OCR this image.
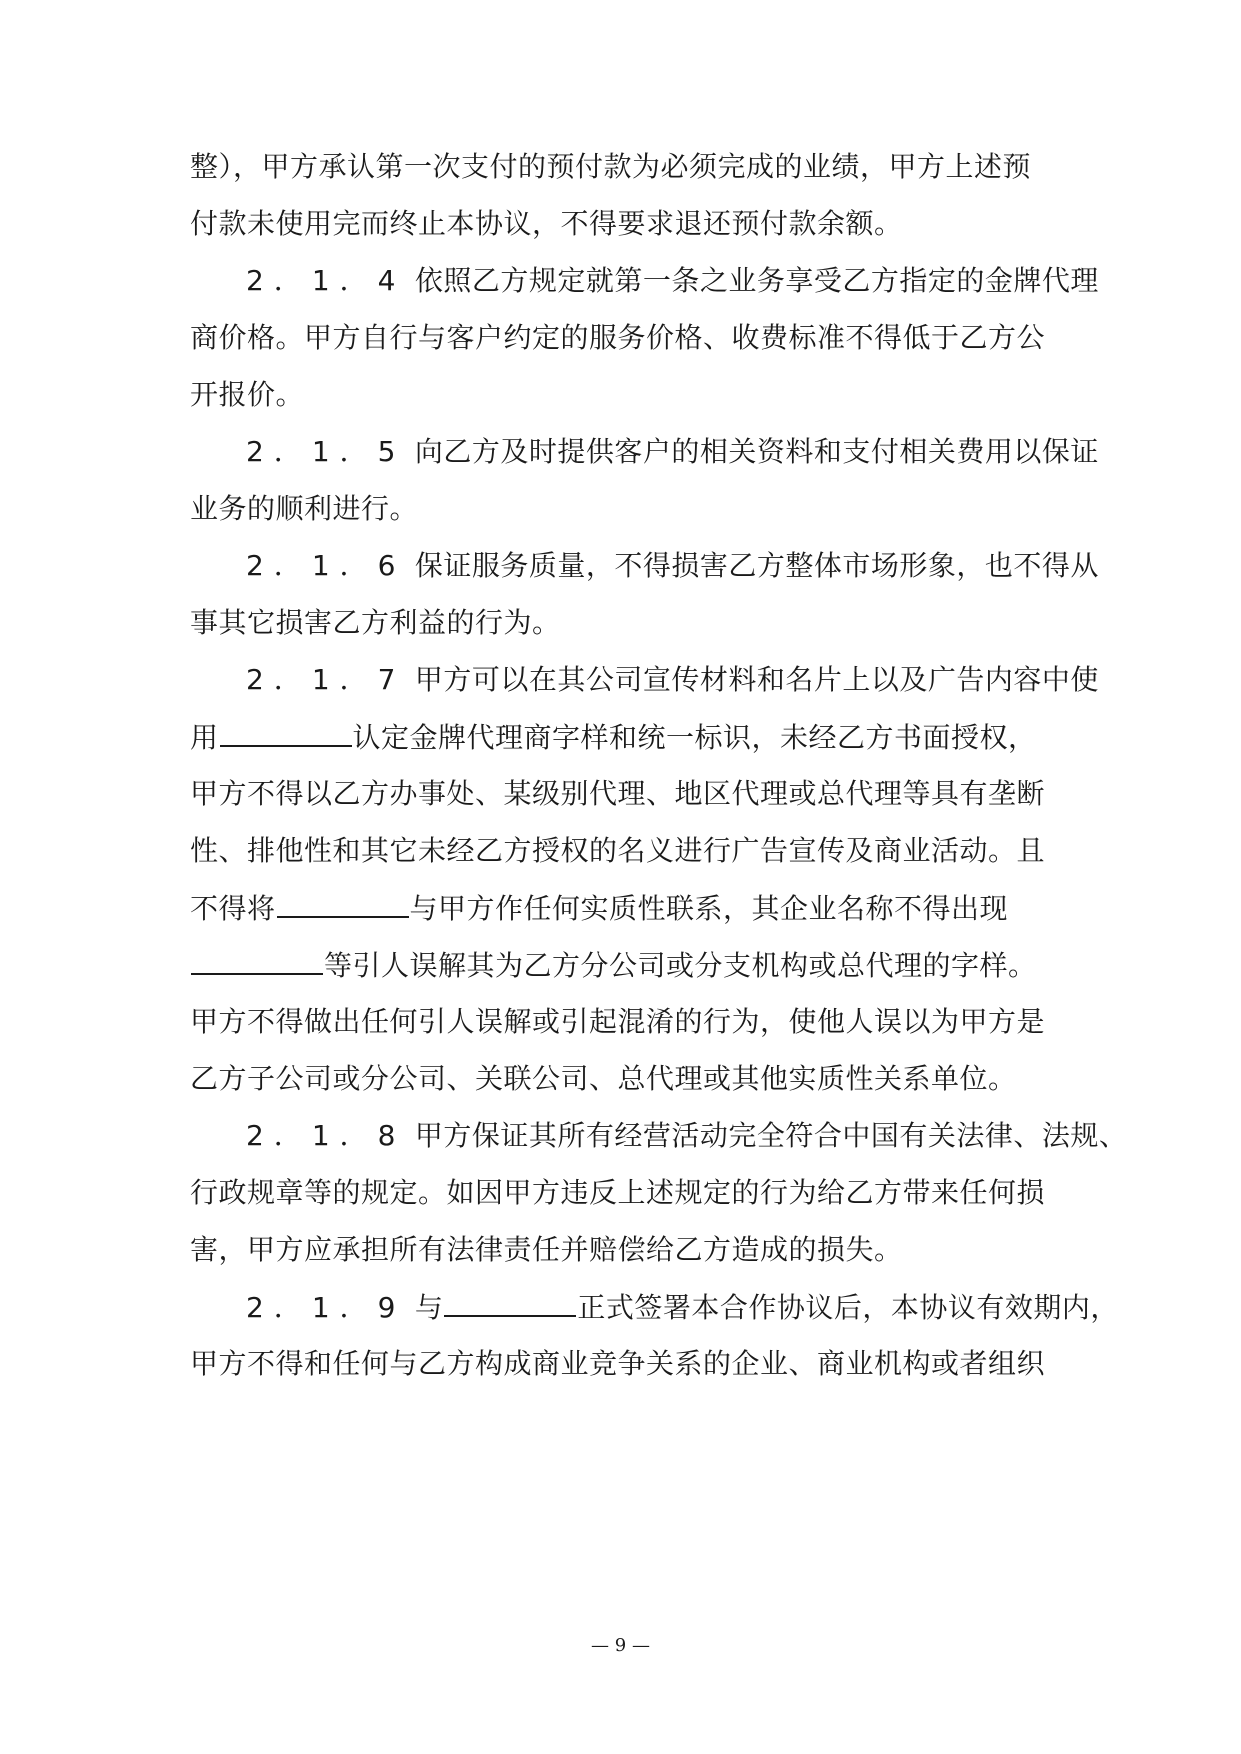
整），甲方承认第一次支付的预付款为必须完成的业绩，甲方上述预
付款未使用完而终止本协议，不得要求退还预付款余额。
2．1．4 依照乙方规定就第一条之业务享受乙方指定的金牌代理
商价格。甲方自行与客户约定的服务价格、收费标准不得低于乙方公
开报价。
2．1．5 向乙方及时提供客户的相关资料和支付相关费用以保证
业务的顺利进行。
2．1．6 保证服务质量，不得损害乙方整体市场形象，也不得从
事其它损害乙方利益的行为。
2．1．7 甲方可以在其公司宣传材料和名片上以及广告内容中使
用	认定金牌代理商字样和统一标识，未经乙方书面授权，
甲方不得以乙方办事处、某级别代理、地区代理或总代理等具有垄断
性、排他性和其它未经乙方授权的名义进行广告宣传及商业活动。且
不得将	与甲方作任何实质性联系，其企业名称不得出现
等引人误解其为乙方分公司或分支机构或总代理的字样。
甲方不得做出任何引人误解或引起混淆的行为，使他人误以为甲方是
乙方子公司或分公司、关联公司、总代理或其他实质性关系单位。
2．1．8 甲方保证其所有经营活动完全符合中国有关法律、法规、
行政规章等的规定。如因甲方违反上述规定的行为给乙方带来任何损
害，甲方应承担所有法律责任并赔偿给乙方造成的损失。
2．1．9 与	正式签署本合作协议后，本协议有效期内，
甲方不得和任何与乙方构成商业竞争关系的企业、商业机构或者组织
— 9 —
